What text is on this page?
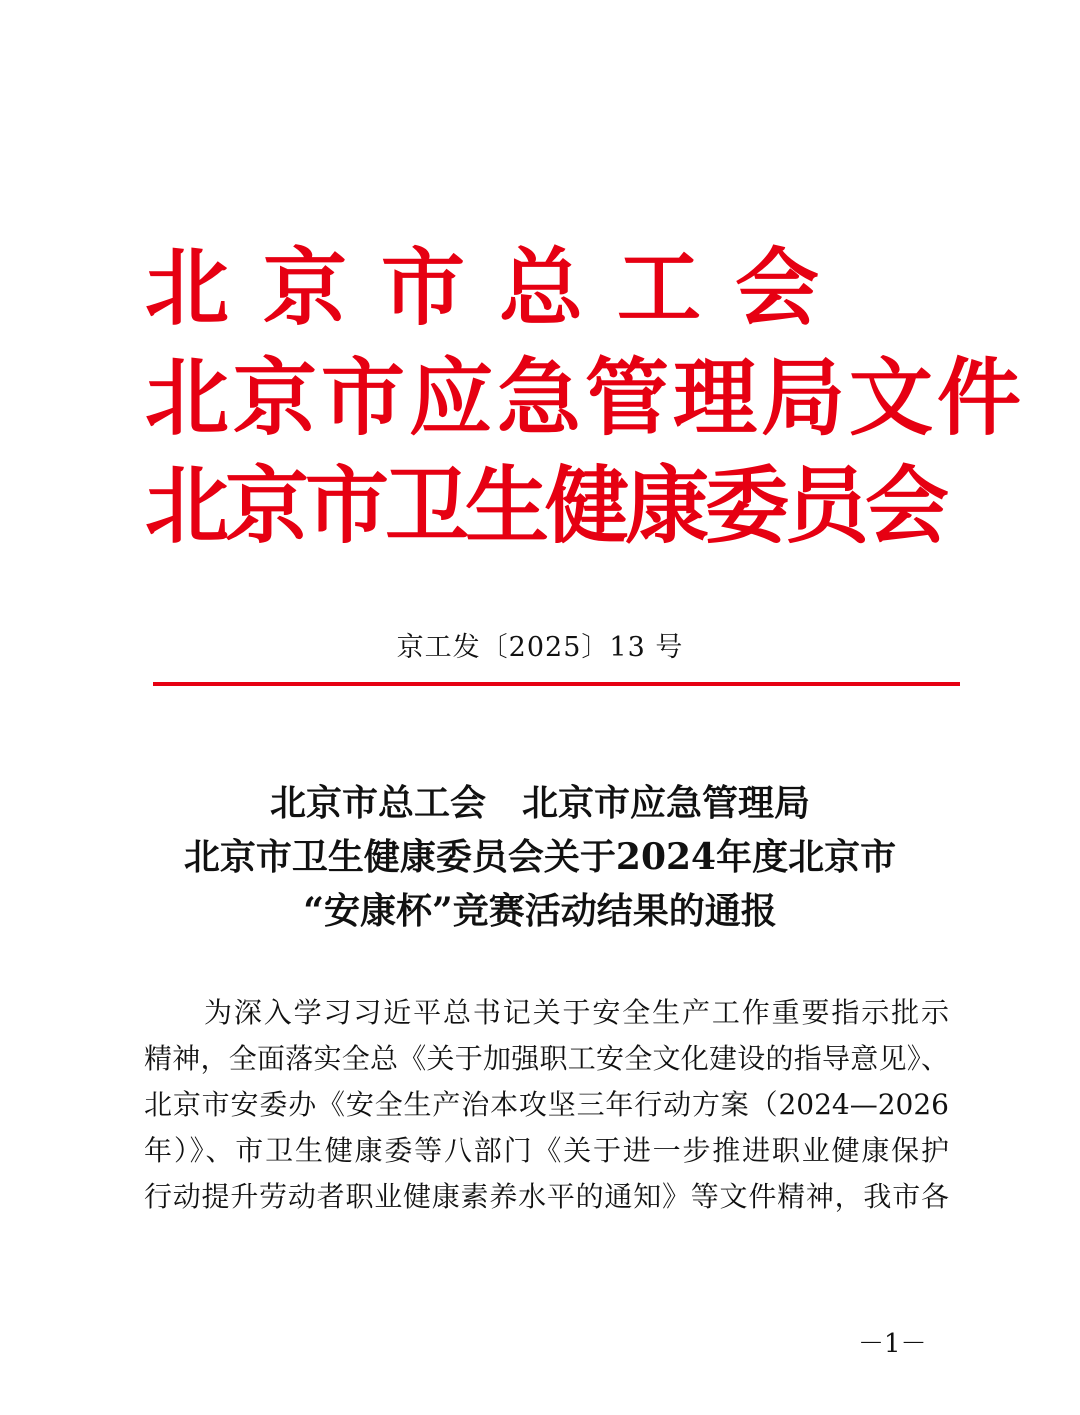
北京市总工会
北京市应急管理局文件
北京市卫生健康委员会
京工发〔2025〕13 号
北京市总工会　北京市应急管理局
北京市卫生健康委员会关于2024年度北京市
“安康杯”竞赛活动结果的通报
为深入学习习近平总书记关于安全生产工作重要指示批示
精神，全面落实全总《关于加强职工安全文化建设的指导意见》、
北京市安委办《安全生产治本攻坚三年行动方案（2024—2026
年）》、市卫生健康委等八部门《关于进一步推进职业健康保护
行动提升劳动者职业健康素养水平的通知》等文件精神，我市各
－1－
